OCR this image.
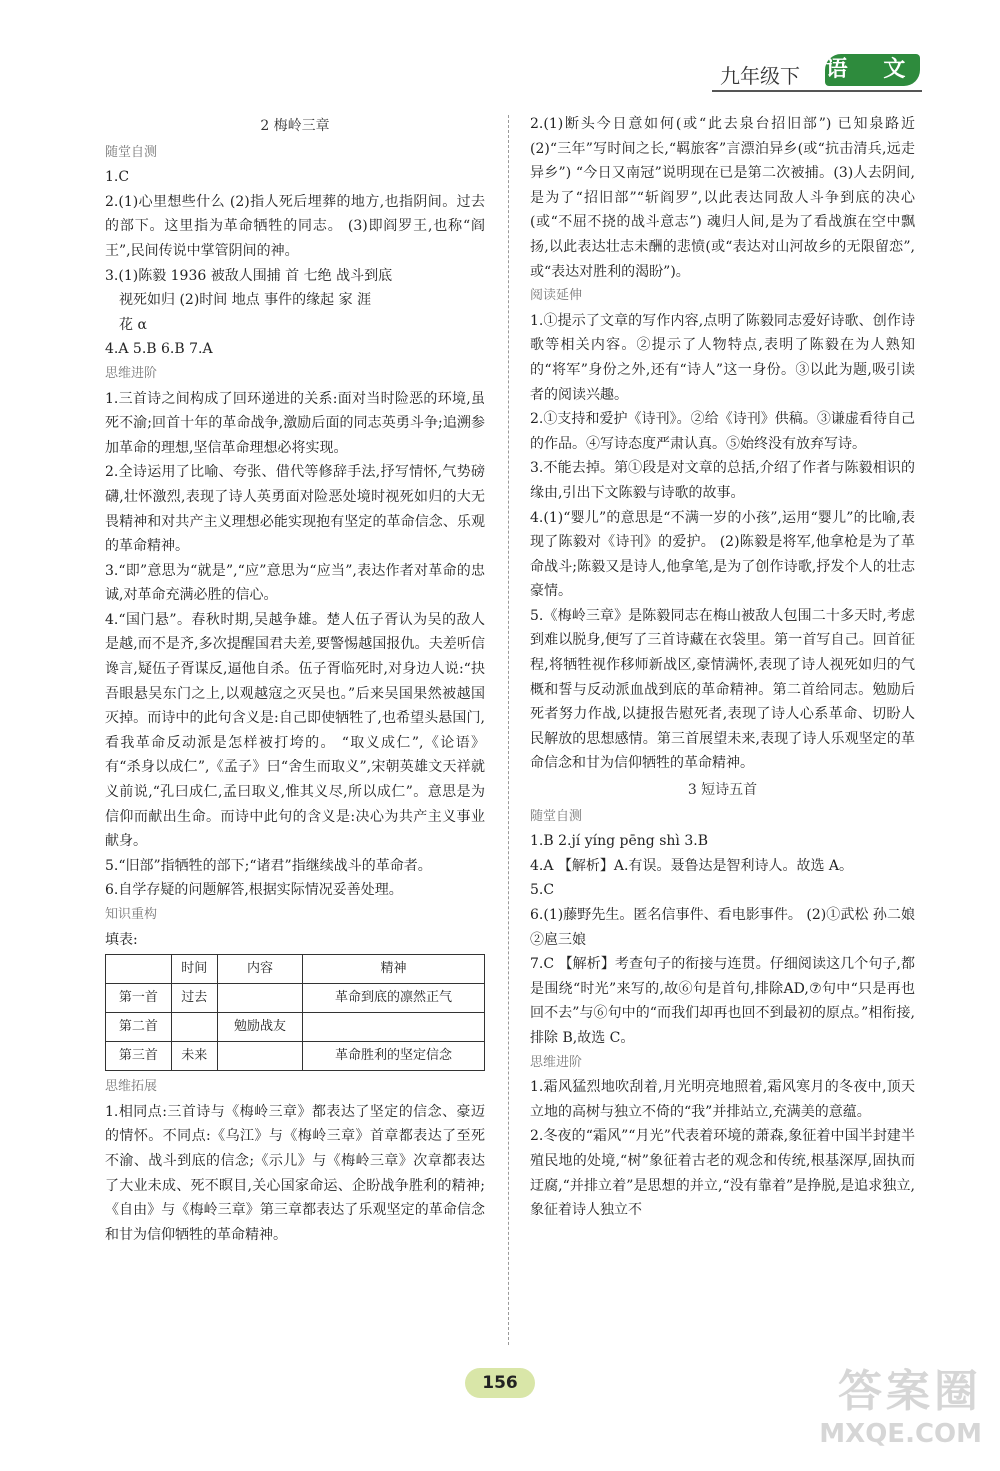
九年级下 语 文
2 梅岭三章
随堂自测

1.C

2.(1)心里想些什么 (2)指人死后埋葬的地方,也指阴间。过去的部下。这里指为革命牺牲的同志。 (3)即阎罗王,也称“阎王”,民间传说中掌管阴间的神。

3.(1)陈毅 1936 被敌人围捕 首 七绝 战斗到底

视死如归 (2)时间 地点 事件的缘起 家 涯

花 α

4.A 5.B 6.B 7.A

思维进阶

1.三首诗之间构成了回环递进的关系:面对当时险恶的环境,虽死不渝;回首十年的革命战争,激励后面的同志英勇斗争;追溯参加革命的理想,坚信革命理想必将实现。

2.全诗运用了比喻、夸张、借代等修辞手法,抒写情怀,气势磅礴,壮怀激烈,表现了诗人英勇面对险恶处境时视死如归的大无畏精神和对共产主义理想必能实现抱有坚定的革命信念、乐观的革命精神。

3.“即”意思为“就是”,“应”意思为“应当”,表达作者对革命的忠诚,对革命充满必胜的信心。

4.“国门悬”。春秋时期,吴越争雄。楚人伍子胥认为吴的敌人是越,而不是齐,多次提醒国君夫差,要警惕越国报仇。夫差听信谗言,疑伍子胥谋反,逼他自杀。伍子胥临死时,对身边人说:“抉吾眼悬吴东门之上,以观越寇之灭吴也。”后来吴国果然被越国灭掉。而诗中的此句含义是:自己即使牺牲了,也希望头悬国门,看我革命反动派是怎样被打垮的。 “取义成仁”,《论语》有“杀身以成仁”,《孟子》曰“舍生而取义”,宋朝英雄文天祥就义前说,“孔曰成仁,孟曰取义,惟其义尽,所以成仁”。意思是为信仰而献出生命。而诗中此句的含义是:决心为共产主义事业献身。

5.“旧部”指牺牲的部下;“诸君”指继续战斗的革命者。

6.自学存疑的问题解答,根据实际情况妥善处理。

知识重构

填表:

	时间	内容	精神
第一首	过去		革命到底的凛然正气
第二首		勉励战友	
第三首	未来		革命胜利的坚定信念
思维拓展

1.相同点:三首诗与《梅岭三章》都表达了坚定的信念、豪迈的情怀。不同点:《乌江》与《梅岭三章》首章都表达了至死不渝、战斗到底的信念;《示儿》与《梅岭三章》次章都表达了大业未成、死不瞑目,关心国家命运、企盼战争胜利的精神;《自由》与《梅岭三章》第三章都表达了乐观坚定的革命信念和甘为信仰牺牲的革命精神。

2.(1)断头今日意如何(或“此去泉台招旧部”) 已知泉路近 (2)“三年”写时间之长,“羁旅客”言漂泊异乡(或“抗击清兵,远走异乡”) “今日又南冠”说明现在已是第二次被捕。(3)人去阴间,是为了“招旧部”“斩阎罗”,以此表达同敌人斗争到底的决心(或“不屈不挠的战斗意志”) 魂归人间,是为了看战旗在空中飘扬,以此表达壮志未酬的悲愤(或“表达对山河故乡的无限留恋”,或“表达对胜利的渴盼”)。

阅读延伸

1.①提示了文章的写作内容,点明了陈毅同志爱好诗歌、创作诗歌等相关内容。②提示了人物特点,表明了陈毅在为人熟知的“将军”身份之外,还有“诗人”这一身份。③以此为题,吸引读者的阅读兴趣。

2.①支持和爱护《诗刊》。②给《诗刊》供稿。③谦虚看待自己的作品。④写诗态度严肃认真。⑤始终没有放弃写诗。

3.不能去掉。第①段是对文章的总括,介绍了作者与陈毅相识的缘由,引出下文陈毅与诗歌的故事。

4.(1)“婴儿”的意思是“不满一岁的小孩”,运用“婴儿”的比喻,表现了陈毅对《诗刊》的爱护。 (2)陈毅是将军,他拿枪是为了革命战斗;陈毅又是诗人,他拿笔,是为了创作诗歌,抒发个人的壮志豪情。

5.《梅岭三章》是陈毅同志在梅山被敌人包围二十多天时,考虑到难以脱身,便写了三首诗藏在衣袋里。第一首写自己。回首征程,将牺牲视作移师新战区,豪情满怀,表现了诗人视死如归的气概和誓与反动派血战到底的革命精神。第二首给同志。勉励后死者努力作战,以捷报告慰死者,表现了诗人心系革命、切盼人民解放的思想感情。第三首展望未来,表现了诗人乐观坚定的革命信念和甘为信仰牺牲的革命精神。

3 短诗五首
随堂自测

1.B 2.jí yíng pēng shì 3.B

4.A 【解析】A.有误。聂鲁达是智利诗人。故选 A。

5.C

6.(1)藤野先生。匿名信事件、看电影事件。 (2)①武松 孙二娘 ②扈三娘

7.C 【解析】考查句子的衔接与连贯。仔细阅读这几个句子,都是围绕“时光”来写的,故⑥句是首句,排除AD,⑦句中“只是再也回不去”与⑥句中的“而我们却再也回不到最初的原点。”相衔接,排除 B,故选 C。

思维进阶

1.霜风猛烈地吹刮着,月光明亮地照着,霜风寒月的冬夜中,顶天立地的高树与独立不倚的“我”并排站立,充满美的意蕴。

2.冬夜的“霜风”“月光”代表着环境的萧森,象征着中国半封建半殖民地的处境,“树”象征着古老的观念和传统,根基深厚,固执而迂腐,“并排立着”是思想的并立,“没有靠着”是挣脱,是追求独立,象征着诗人独立不

156	答案圈
MXQE.COM
